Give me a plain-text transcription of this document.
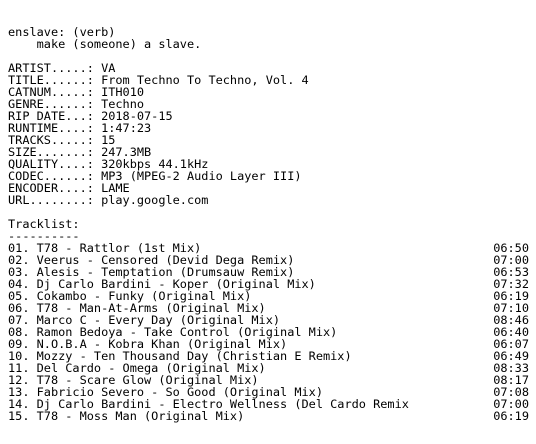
enslave: (verb)
make (someone) a slave.
ARTIST.....: VA
TITLE......: From Techno To Techno, Vol. 4
CATNUM.....: ITH010
GENRE......: Techno
RIP DATE...: 2018-07-15
RUNTIME....: 1:47:23
TRACKS.....: 15
SIZE.......: 247.3MB
QUALITY....: 320kbps 44.1kHz
CODEC......: MP3 (MPEG-2 Audio Layer III)
ENCODER....: LAME
URL........: play.google.com
Tracklist:
----------
01. T78 - Rattlor (1st Mix)	06:50
02. Veerus - Censored (Devid Dega Remix)	07:00
03. Alesis - Temptation (Drumsauw Remix)	06:53
04. Dj Carlo Bardini - Koper (Original Mix)	07:32
05. Cokambo - Funky (Original Mix)	06:19
06. T78 - Man-At-Arms (Original Mix)	07:10
07. Marco C - Every Day (Original Mix)	08:46
08. Ramon Bedoya - Take Control (Original Mix)	06:40
09. N.O.B.A - Kobra Khan (Original Mix)	06:07
10. Mozzy - Ten Thousand Day (Christian E Remix)	06:49
11. Del Cardo - Omega (Original Mix)	08:33
12. T78 - Scare Glow (Original Mix)	08:17
13. Fabricio Severo - So Good (Original Mix)	07:08
14. Dj Carlo Bardini - Electro Wellness (Del Cardo Remix	07:00
15. T78 - Moss Man (Original Mix)	06:19
